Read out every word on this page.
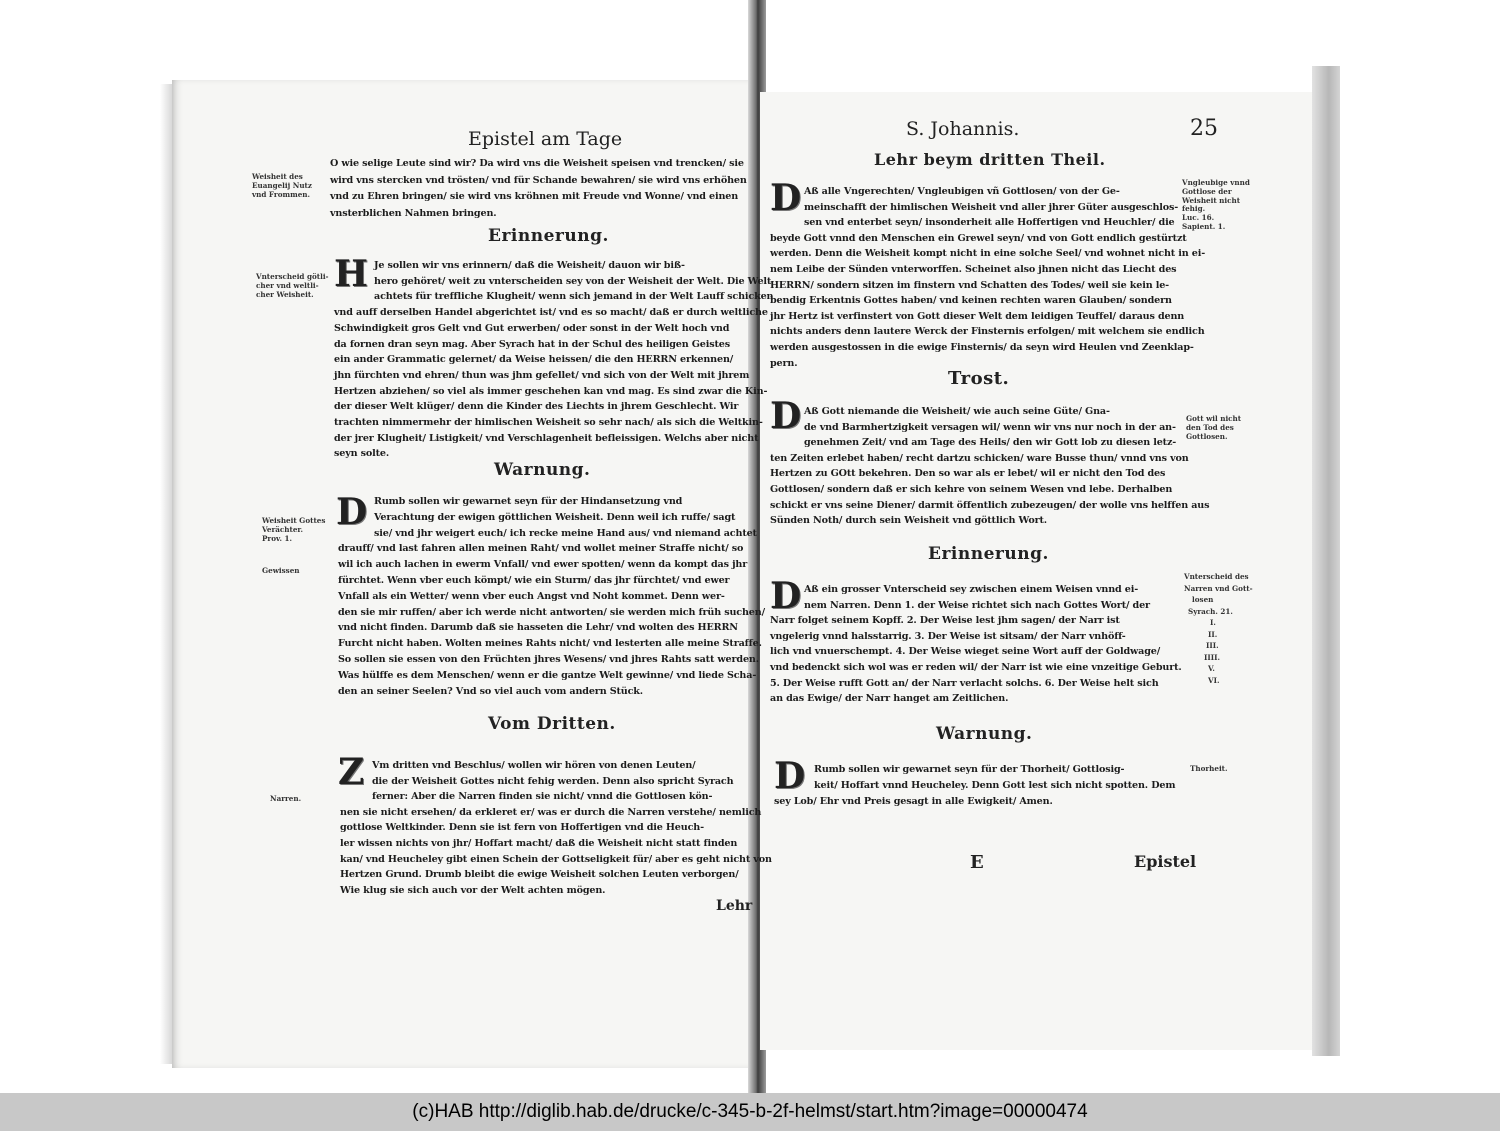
Epistel am Tage
O wie selige Leute sind wir? Da wird vns die Weisheit speisen vnd trencken/ sie
wird vns stercken vnd trösten/ vnd für Schande bewahren/ sie wird vns erhöhen
vnd zu Ehren bringen/ sie wird vns kröhnen mit Freude vnd Wonne/ vnd einen
vnsterblichen Nahmen bringen.
Weisheit des
Euangelij Nutz
vnd Frommen.
Erinnerung.
H Je sollen wir vns erinnern/ daß die Weisheit/ dauon wir biß-
hero gehöret/ weit zu vnterscheiden sey von der Weisheit der Welt. Die Welt
achtets für treffliche Klugheit/ wenn sich jemand in der Welt Lauff schicken
vnd auff derselben Handel abgerichtet ist/ vnd es so macht/ daß er durch weltliche
Schwindigkeit gros Gelt vnd Gut erwerben/ oder sonst in der Welt hoch vnd
da fornen dran seyn mag. Aber Syrach hat in der Schul des heiligen Geistes
ein ander Grammatic gelernet/ da Weise heissen/ die den HERRN erkennen/
jhn fürchten vnd ehren/ thun was jhm gefellet/ vnd sich von der Welt mit jhrem
Hertzen abziehen/ so viel als immer geschehen kan vnd mag. Es sind zwar die Kin-
der dieser Welt klüger/ denn die Kinder des Liechts in jhrem Geschlecht. Wir
trachten nimmermehr der himlischen Weisheit so sehr nach/ als sich die Weltkin-
der jrer Klugheit/ Listigkeit/ vnd Verschlagenheit befleissigen. Welchs aber nicht
seyn solte.
Vnterscheid götli-
cher vnd weltli-
cher Weisheit.
Warnung.
D Rumb sollen wir gewarnet seyn für der Hindansetzung vnd
Verachtung der ewigen göttlichen Weisheit. Denn weil ich ruffe/ sagt
sie/ vnd jhr weigert euch/ ich recke meine Hand aus/ vnd niemand achtet
drauff/ vnd last fahren allen meinen Raht/ vnd wollet meiner Straffe nicht/ so
wil ich auch lachen in ewerm Vnfall/ vnd ewer spotten/ wenn da kompt das jhr
fürchtet. Wenn vber euch kömpt/ wie ein Sturm/ das jhr fürchtet/ vnd ewer
Vnfall als ein Wetter/ wenn vber euch Angst vnd Noht kommet. Denn wer-
den sie mir ruffen/ aber ich werde nicht antworten/ sie werden mich früh suchen/
vnd nicht finden. Darumb daß sie hasseten die Lehr/ vnd wolten des HERRN
Furcht nicht haben. Wolten meines Rahts nicht/ vnd lesterten alle meine Straffe.
So sollen sie essen von den Früchten jhres Wesens/ vnd jhres Rahts satt werden.
Was hülffe es dem Menschen/ wenn er die gantze Welt gewinne/ vnd liede Scha-
den an seiner Seelen? Vnd so viel auch vom andern Stück.
Weisheit Gottes
Verächter.
Prov. 1.
Gewissen
Vom Dritten.
Z Vm dritten vnd Beschlus/ wollen wir hören von denen Leuten/
die der Weisheit Gottes nicht fehig werden. Denn also spricht Syrach
ferner: Aber die Narren finden sie nicht/ vnnd die Gottlosen kön-
nen sie nicht ersehen/ da erkleret er/ was er durch die Narren verstehe/ nemlich
gottlose Weltkinder. Denn sie ist fern von Hoffertigen vnd die Heuch-
ler wissen nichts von jhr/ Hoffart macht/ daß die Weisheit nicht statt finden
kan/ vnd Heucheley gibt einen Schein der Gottseligkeit für/ aber es geht nicht von
Hertzen Grund. Drumb bleibt die ewige Weisheit solchen Leuten verborgen/
Wie klug sie sich auch vor der Welt achten mögen.
Narren.
Lehr
S. Johannis.	25
Lehr beym dritten Theil.
D Aß alle Vngerechten/ Vngleubigen vñ Gottlosen/ von der Ge-
meinschafft der himlischen Weisheit vnd aller jhrer Güter ausgeschlos-
sen vnd enterbet seyn/ insonderheit alle Hoffertigen vnd Heuchler/ die
beyde Gott vnnd den Menschen ein Grewel seyn/ vnd von Gott endlich gestürtzt
werden. Denn die Weisheit kompt nicht in eine solche Seel/ vnd wohnet nicht in ei-
nem Leibe der Sünden vnterworffen. Scheinet also jhnen nicht das Liecht des
HERRN/ sondern sitzen im finstern vnd Schatten des Todes/ weil sie kein le-
bendig Erkentnis Gottes haben/ vnd keinen rechten waren Glauben/ sondern
jhr Hertz ist verfinstert von Gott dieser Welt dem leidigen Teuffel/ daraus denn
nichts anders denn lautere Werck der Finsternis erfolgen/ mit welchem sie endlich
werden ausgestossen in die ewige Finsternis/ da seyn wird Heulen vnd Zeenklap-
pern.
Vngleubige vnnd
Gottlose der
Weisheit nicht
fehig.
Luc. 16.
Sapient. 1.
Trost.
D Aß Gott niemande die Weisheit/ wie auch seine Güte/ Gna-
de vnd Barmhertzigkeit versagen wil/ wenn wir vns nur noch in der an-
genehmen Zeit/ vnd am Tage des Heils/ den wir Gott lob zu diesen letz-
ten Zeiten erlebet haben/ recht dartzu schicken/ ware Busse thun/ vnnd vns von
Hertzen zu GOtt bekehren. Den so war als er lebet/ wil er nicht den Tod des
Gottlosen/ sondern daß er sich kehre von seinem Wesen vnd lebe. Derhalben
schickt er vns seine Diener/ darmit öffentlich zubezeugen/ der wolle vns helffen aus
Sünden Noth/ durch sein Weisheit vnd göttlich Wort.
Gott wil nicht
den Tod des
Gottlosen.
Erinnerung.
D Aß ein grosser Vnterscheid sey zwischen einem Weisen vnnd ei-
nem Narren. Denn 1. der Weise richtet sich nach Gottes Wort/ der
Narr folget seinem Kopff. 2. Der Weise lest jhm sagen/ der Narr ist
vngelerig vnnd halsstarrig. 3. Der Weise ist sitsam/ der Narr vnhöff-
lich vnd vnuerschempt. 4. Der Weise wieget seine Wort auff der Goldwage/
vnd bedenckt sich wol was er reden wil/ der Narr ist wie eine vnzeitige Geburt.
5. Der Weise rufft Gott an/ der Narr verlacht solchs. 6. Der Weise helt sich
an das Ewige/ der Narr hanget am Zeitlichen.
Vnterscheid des
Narren vnd Gott-
losen
Syrach. 21.
I.
II.
III.
IIII.
V.
VI.
Warnung.
D Rumb sollen wir gewarnet seyn für der Thorheit/ Gottlosig-
keit/ Hoffart vnnd Heucheley. Denn Gott lest sich nicht spotten. Dem
sey Lob/ Ehr vnd Preis gesagt in alle Ewigkeit/ Amen.
Thorheit.
E	Epistel
(c)HAB http://diglib.hab.de/drucke/c-345-b-2f-helmst/start.htm?image=00000474
